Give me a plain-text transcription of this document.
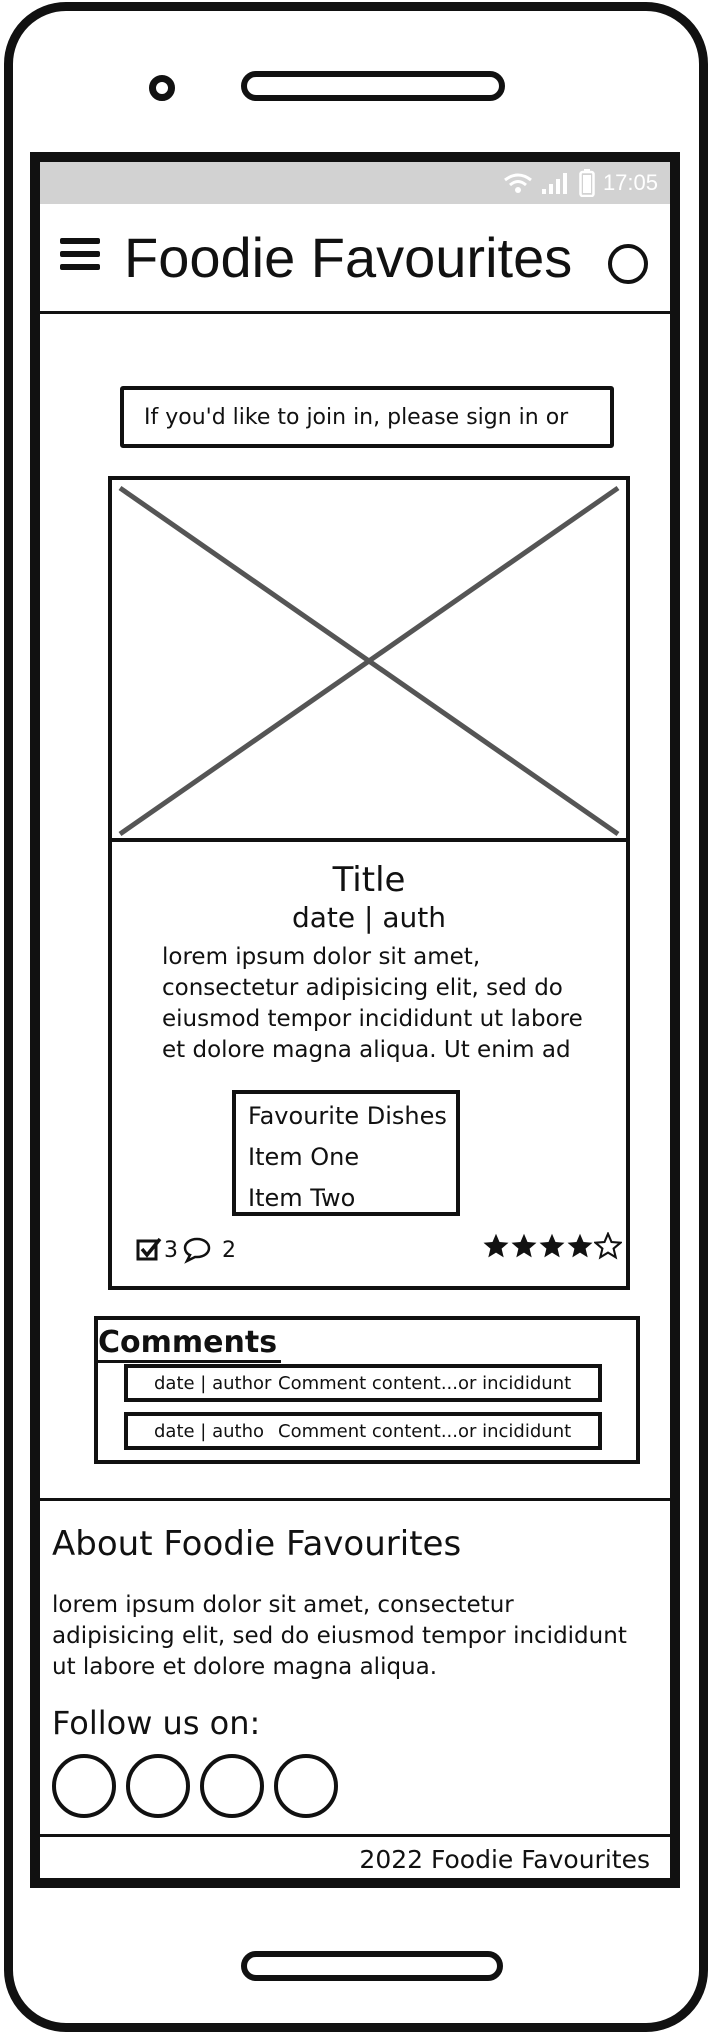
17:05
Foodie Favourites
If you'd like to join in, please sign in or
Title
date | auth
lorem ipsum dolor sit amet,
consectetur adipisicing elit, sed do
eiusmod tempor incididunt ut labore
et dolore magna aliqua. Ut enim ad
Favourite Dishes
Item One
Item Two
3 2
Comments
date | author Comment content...or incididunt
date | autho Comment content...or incididunt
About Foodie Favourites
lorem ipsum dolor sit amet, consectetur
adipisicing elit, sed do eiusmod tempor incididunt
ut labore et dolore magna aliqua.
Follow us on:
2022 Foodie Favourites
